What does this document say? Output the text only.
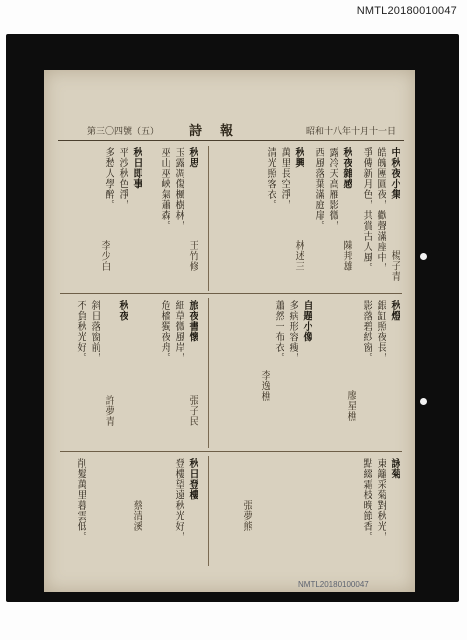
NMTL20180010047
第三〇四號（五） 詩報	昭和十八年十月十一日
中秋夜小集
楊子青
皓魄團圓夜，歡聲滿座中，
爭傳新月色，共賞古人風。
秋夜雜感
陳邦雄
露冷天高雁影微，
西風落葉滿庭扉。
秋興
林述三
萬里長空淨，
清光照客衣。
秋思
王竹修
玉露凋傷楓樹林，
巫山巫峽氣蕭森。
秋日即事
李少白
平沙秋色淨，
多愁人學醉。
秋燈
廖星樵
銀缸照夜長，
影落碧紗窗。
自題小像
李逸樵
多病形容瘦，
蕭然一布衣。
旅夜書懷
張子民
細草微風岸，
危檣獨夜舟。
秋夜
許夢青
斜日落窗前，
不負秋光好。
詠菊
張夢熊	東籬采菊對秋光，
點綴霜枝晚節香。
秋日登樓
蔡清溪	登樓望遠秋光好，
削髮萬里暮雲低。
NMTL20180100047
